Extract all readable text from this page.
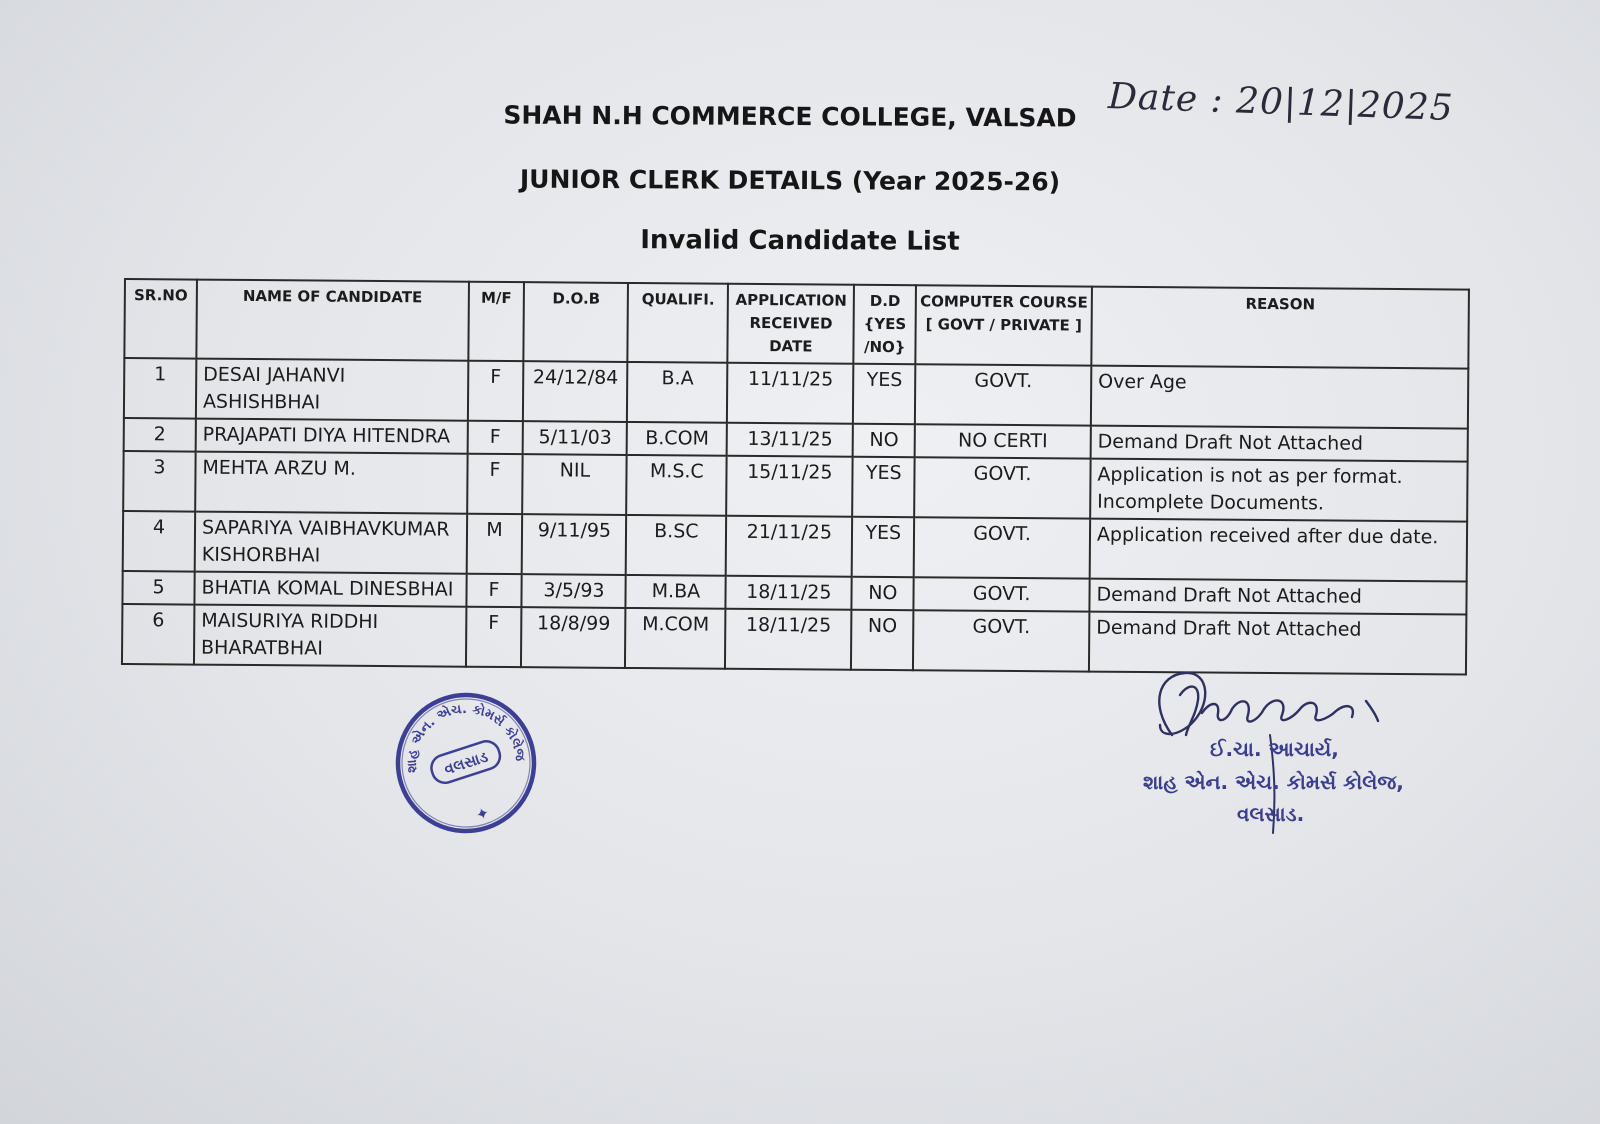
SHAH N.H COMMERCE COLLEGE, VALSAD
JUNIOR CLERK DETAILS (Year 2025-26)
Invalid Candidate List
Date : 20|12|2025
SR.NO	NAME OF CANDIDATE	M/F	D.O.B	QUALIFI.	APPLICATION RECEIVED DATE	D.D {YES /NO}	COMPUTER COURSE [ GOVT / PRIVATE ]	REASON
1	DESAI JAHANVI ASHISHBHAI	F	24/12/84	B.A	11/11/25	YES	GOVT.	Over Age
2	PRAJAPATI DIYA HITENDRA	F	5/11/03	B.COM	13/11/25	NO	NO CERTI	Demand Draft Not Attached
3	MEHTA ARZU M.	F	NIL	M.S.C	15/11/25	YES	GOVT.	Application is not as per format. Incomplete Documents.
4	SAPARIYA VAIBHAVKUMAR KISHORBHAI	M	9/11/95	B.SC	21/11/25	YES	GOVT.	Application received after due date.
5	BHATIA KOMAL DINESBHAI	F	3/5/93	M.BA	18/11/25	NO	GOVT.	Demand Draft Not Attached
6	MAISURIYA RIDDHI BHARATBHAI	F	18/8/99	M.COM	18/11/25	NO	GOVT.	Demand Draft Not Attached
શાહ એન. એચ. કોમર્સ કોલેજ
વલસાડ
✦
ઈ.ચા. આચાર્ય,
શાહ એન. એચ. કોમર્સ કોલેજ,
વલસાડ.
